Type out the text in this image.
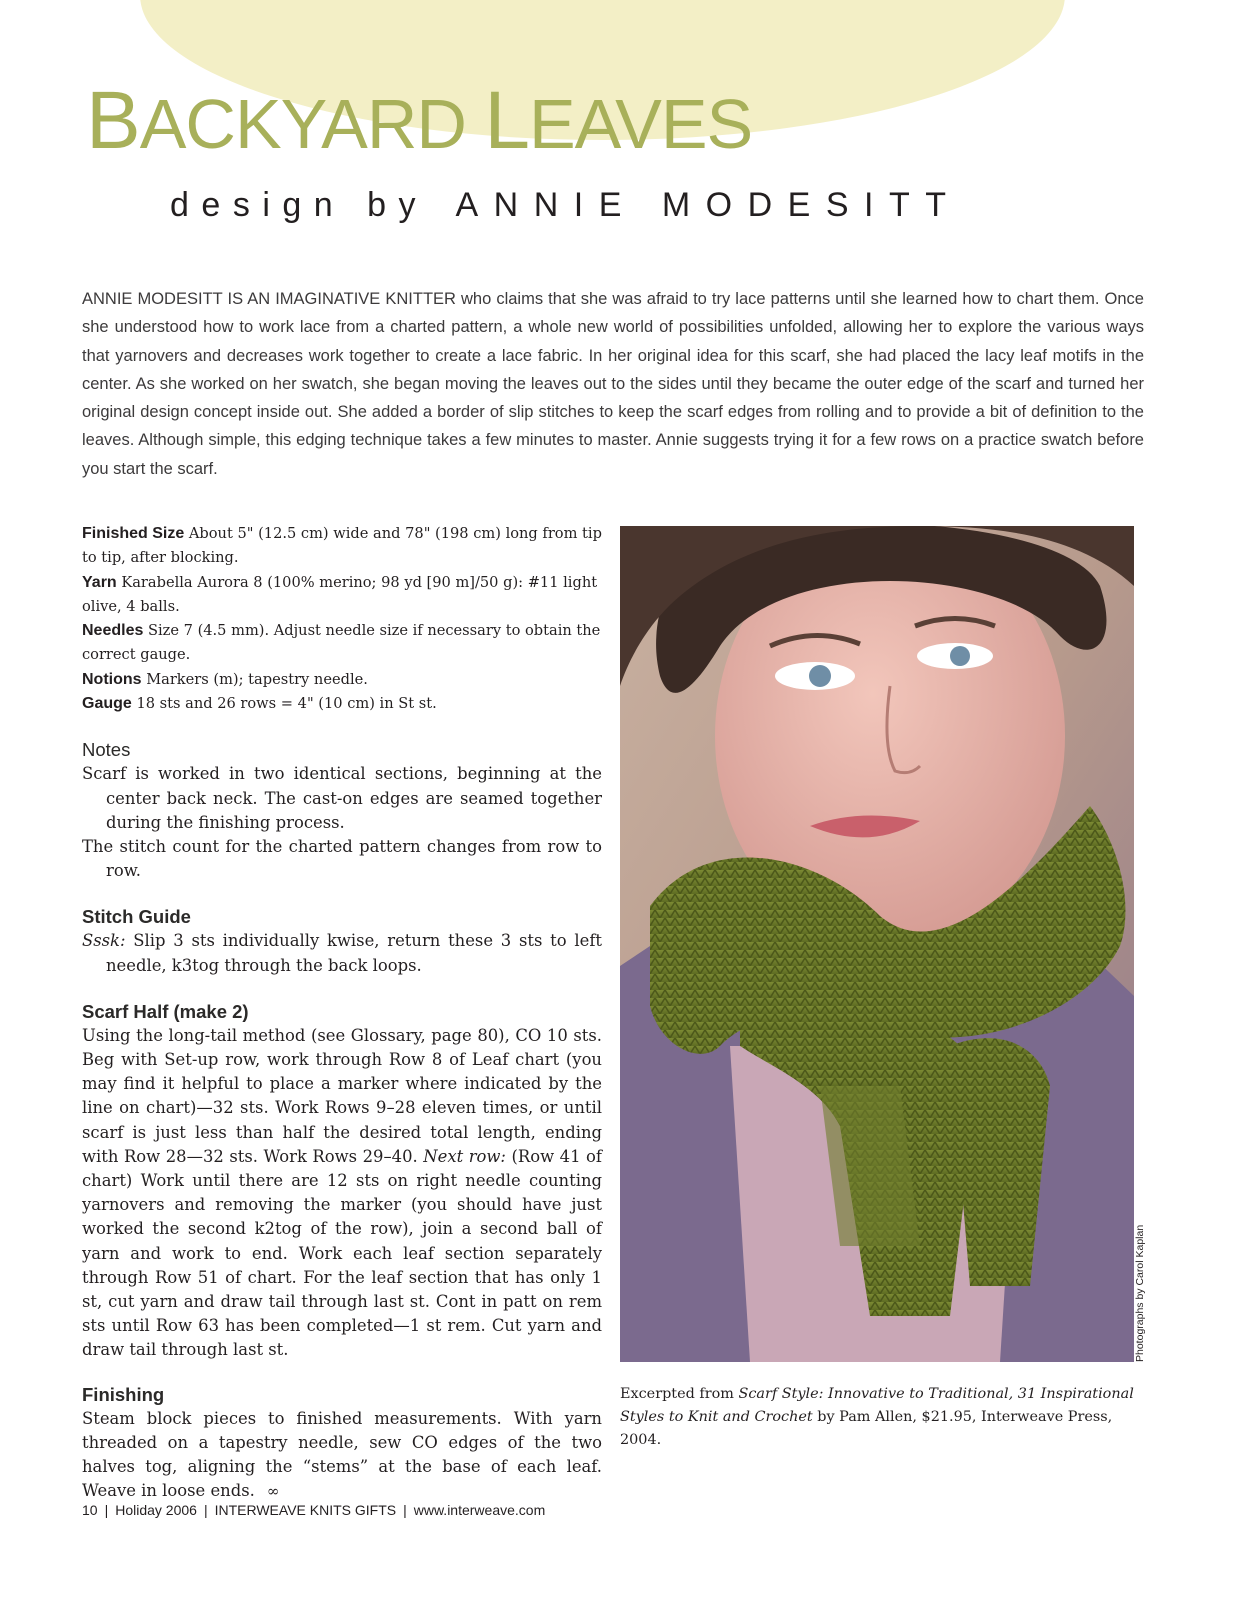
BACKYARD LEAVES
design by ANNIE MODESITT

ANNIE MODESITT IS AN IMAGINATIVE KNITTER who claims that she was afraid to try lace patterns until she learned how to chart them. Once she understood how to work lace from a charted pattern, a whole new world of possibilities unfolded, allowing her to explore the various ways that yarnovers and decreases work together to create a lace fabric. In her original idea for this scarf, she had placed the lacy leaf motifs in the center. As she worked on her swatch, she began moving the leaves out to the sides until they became the outer edge of the scarf and turned her original design concept inside out. She added a border of slip stitches to keep the scarf edges from rolling and to provide a bit of definition to the leaves. Although simple, this edging technique takes a few minutes to master. Annie suggests trying it for a few rows on a practice swatch before you start the scarf.

Finished Size About 5" (12.5 cm) wide and 78" (198 cm) long from tip to tip, after blocking.

Yarn Karabella Aurora 8 (100% merino; 98 yd [90 m]/50 g): #11 light olive, 4 balls.

Needles Size 7 (4.5 mm). Adjust needle size if necessary to obtain the correct gauge.

Notions Markers (m); tapestry needle.

Gauge 18 sts and 26 rows = 4" (10 cm) in St st.

Notes

Scarf is worked in two identical sections, beginning at the center back neck. The cast-on edges are seamed together during the finishing process.

The stitch count for the charted pattern changes from row to row.

Stitch Guide

Sssk: Slip 3 sts individually kwise, return these 3 sts to left needle, k3tog through the back loops.

Scarf Half (make 2)

Using the long-tail method (see Glossary, page 80), CO 10 sts. Beg with Set-up row, work through Row 8 of Leaf chart (you may find it helpful to place a marker where indicated by the line on chart)—32 sts. Work Rows 9–28 eleven times, or until scarf is just less than half the desired total length, ending with Row 28—32 sts. Work Rows 29–40. Next row: (Row 41 of chart) Work until there are 12 sts on right needle counting yarnovers and removing the marker (you should have just worked the second k2tog of the row), join a second ball of yarn and work to end. Work each leaf section separately through Row 51 of chart. For the leaf section that has only 1 st, cut yarn and draw tail through last st. Cont in patt on rem sts until Row 63 has been completed—1 st rem. Cut yarn and draw tail through last st.

Finishing

Steam block pieces to finished measurements. With yarn threaded on a tapestry needle, sew CO edges of the two halves tog, aligning the “stems” at the base of each leaf. Weave in loose ends. ∞

Photographs by Carol Kaplan

Excerpted from Scarf Style: Innovative to Traditional, 31 Inspirational Styles to Knit and Crochet by Pam Allen, $21.95, Interweave Press, 2004.

10 | Holiday 2006 | INTERWEAVE KNITS GIFTS | www.interweave.com
